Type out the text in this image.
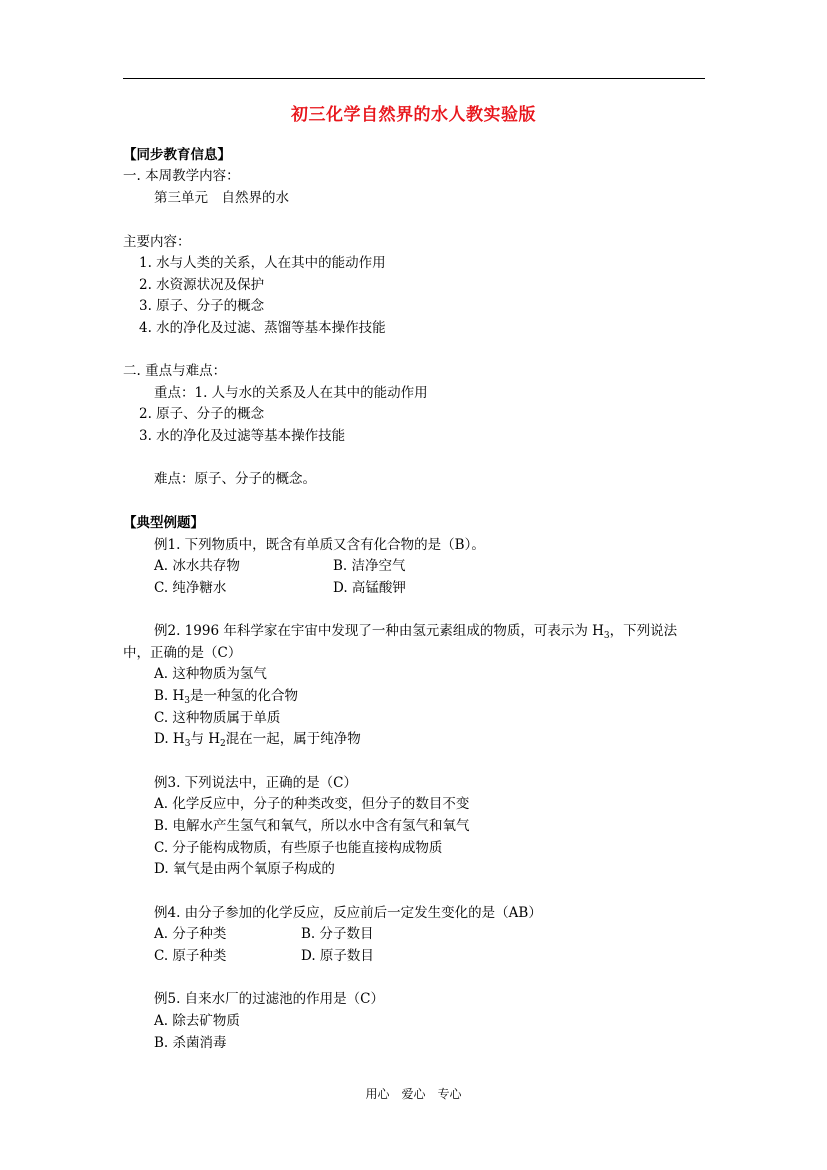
初三化学自然界的水人教实验版
【同步教育信息】
一. 本周教学内容：
第三单元　自然界的水
主要内容：
1. 水与人类的关系，人在其中的能动作用
2. 水资源状况及保护
3. 原子、分子的概念
4. 水的净化及过滤、蒸馏等基本操作技能
二. 重点与难点：
重点：1. 人与水的关系及人在其中的能动作用
2. 原子、分子的概念
3. 水的净化及过滤等基本操作技能
难点：原子、分子的概念。
【典型例题】
例1. 下列物质中，既含有单质又含有化合物的是（B）。
A. 冰水共存物	B. 洁净空气
C. 纯净糖水	D. 高锰酸钾
例2. 1996 年科学家在宇宙中发现了一种由氢元素组成的物质，可表示为 $H_3$，下列说法
中，正确的是（C）
A. 这种物质为氢气
B. $H_3$是一种氢的化合物
C. 这种物质属于单质
D. $H_3$与 $H_2$混在一起，属于纯净物
例3. 下列说法中，正确的是（C）
A. 化学反应中，分子的种类改变，但分子的数目不变
B. 电解水产生氢气和氧气，所以水中含有氢气和氧气
C. 分子能构成物质，有些原子也能直接构成物质
D. 氧气是由两个氧原子构成的
例4. 由分子参加的化学反应，反应前后一定发生变化的是（AB）
A. 分子种类	B. 分子数目
C. 原子种类	D. 原子数目
例5. 自来水厂的过滤池的作用是（C）
A. 除去矿物质
B. 杀菌消毒
用心　爱心　专心
